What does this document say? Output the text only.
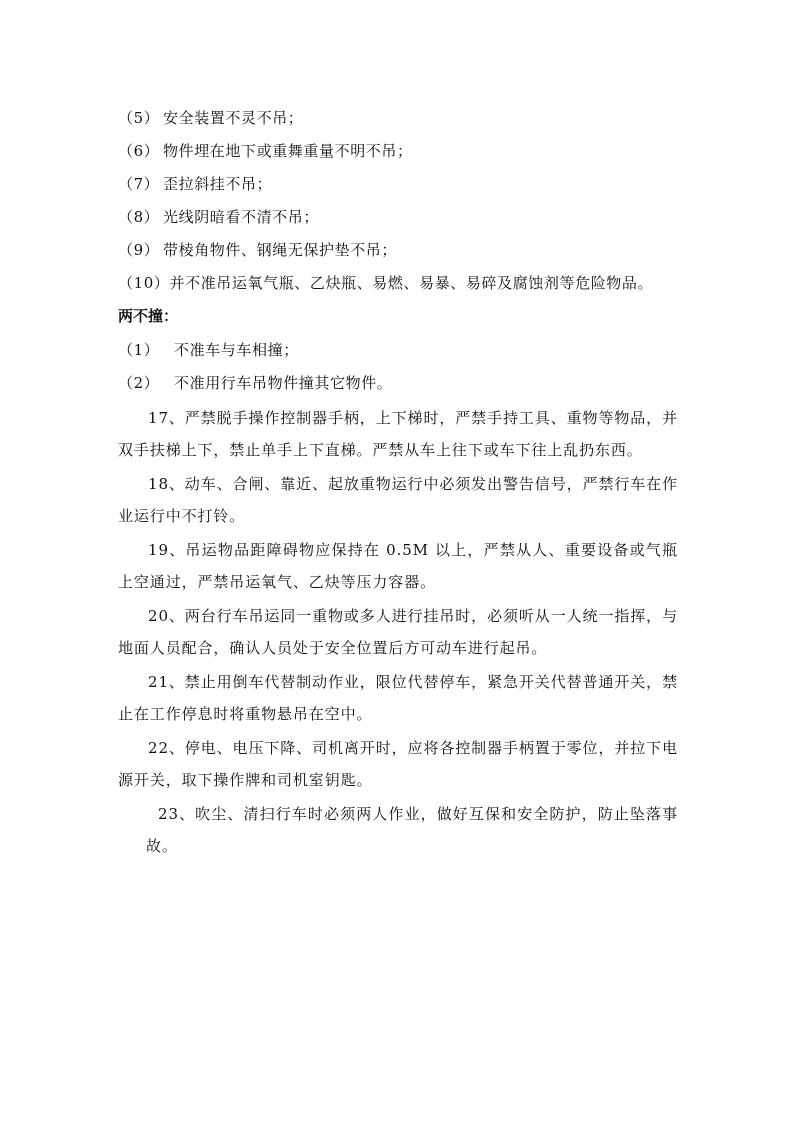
（5） 安全装置不灵不吊；
（6） 物件埋在地下或重舞重量不明不吊；
（7） 歪拉斜挂不吊；
（8） 光线阴暗看不清不吊；
（9） 带棱角物件、钢绳无保护垫不吊；
（10）并不准吊运氧气瓶、乙炔瓶、易燃、易暴、易碎及腐蚀剂等危险物品。
两不撞：
（1） 不准车与车相撞；
（2） 不准用行车吊物件撞其它物件。
17、严禁脱手操作控制器手柄，上下梯时，严禁手持工具、重物等物品，并双手扶梯上下，禁止单手上下直梯。严禁从车上往下或车下往上乱扔东西。
18、动车、合闸、靠近、起放重物运行中必须发出警告信号，严禁行车在作业运行中不打铃。
19、吊运物品距障碍物应保持在 0.5M 以上，严禁从人、重要设备或气瓶上空通过，严禁吊运氧气、乙炔等压力容器。
20、两台行车吊运同一重物或多人进行挂吊时，必须听从一人统一指挥，与地面人员配合，确认人员处于安全位置后方可动车进行起吊。
21、禁止用倒车代替制动作业，限位代替停车，紧急开关代替普通开关，禁止在工作停息时将重物悬吊在空中。
22、停电、电压下降、司机离开时，应将各控制器手柄置于零位，并拉下电源开关，取下操作牌和司机室钥匙。
23、吹尘、清扫行车时必须两人作业，做好互保和安全防护，防止坠落事故。
